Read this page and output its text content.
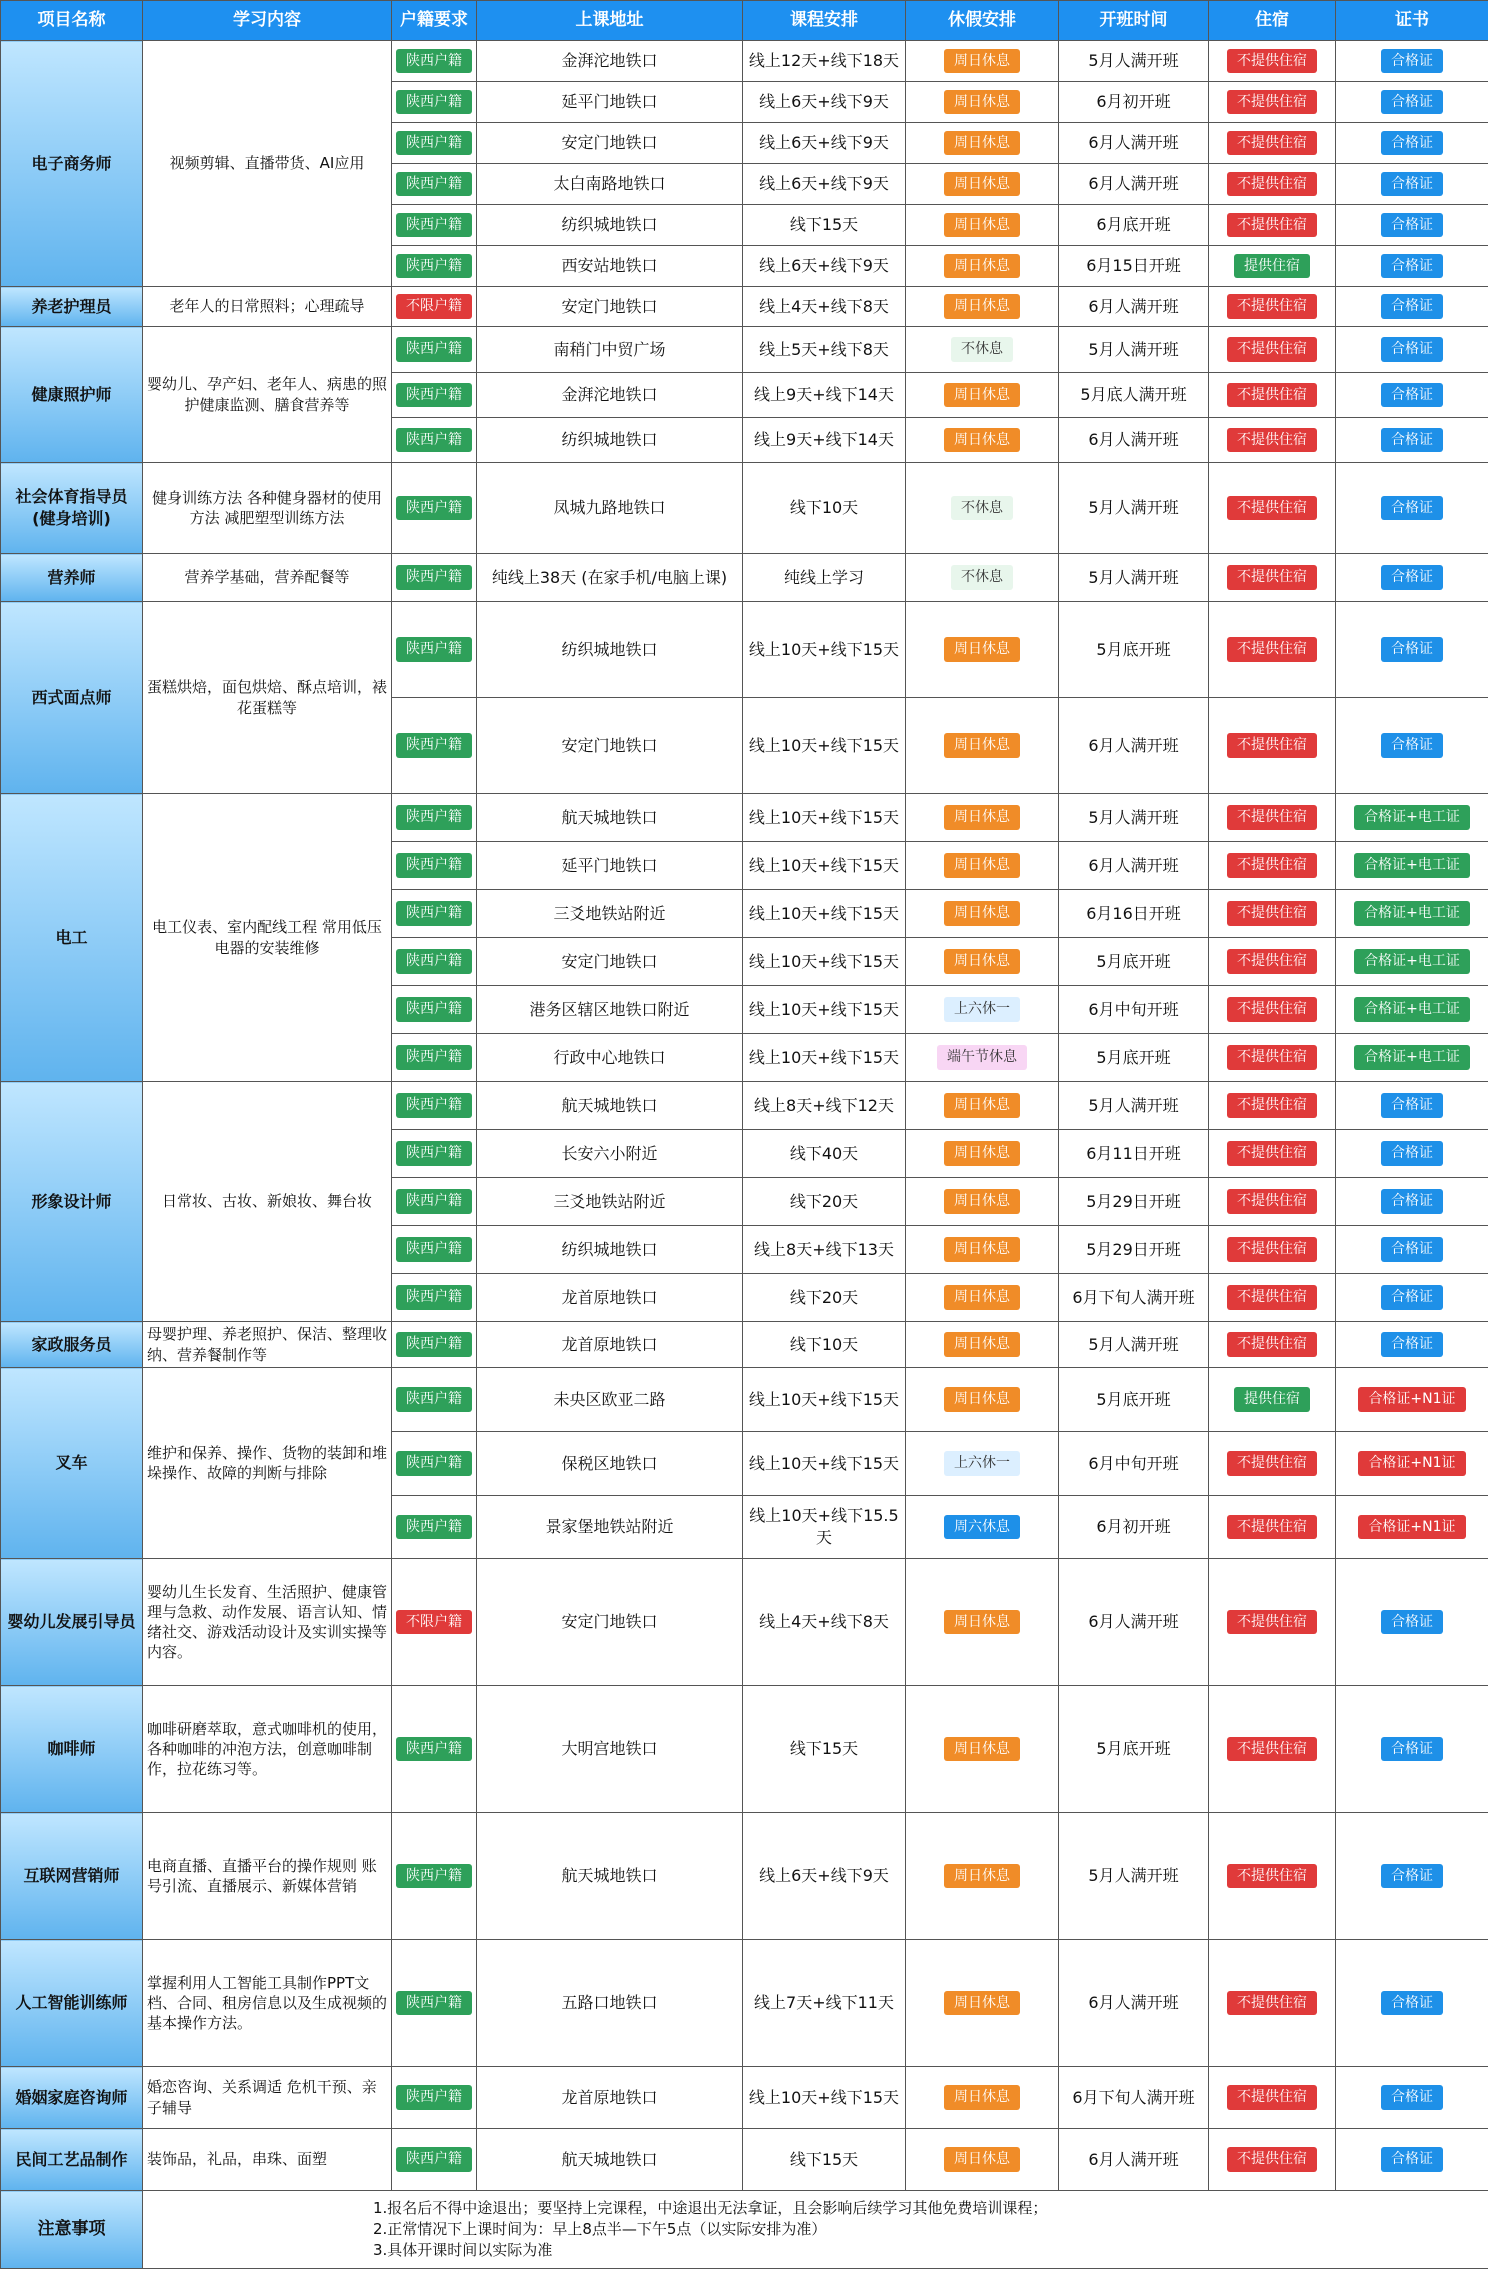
项目名称	学习内容	户籍要求	上课地址	课程安排	休假安排	开班时间	住宿	证书
电子商务师	视频剪辑、直播带货、AI应用	陕西户籍	金湃沱地铁口	线上12天+线下18天	周日休息	5月人满开班	不提供住宿	合格证
		陕西户籍	延平门地铁口	线上6天+线下9天	周日休息	6月初开班	不提供住宿	合格证
		陕西户籍	安定门地铁口	线上6天+线下9天	周日休息	6月人满开班	不提供住宿	合格证
		陕西户籍	太白南路地铁口	线上6天+线下9天	周日休息	6月人满开班	不提供住宿	合格证
		陕西户籍	纺织城地铁口	线下15天	周日休息	6月底开班	不提供住宿	合格证
		陕西户籍	西安站地铁口	线上6天+线下9天	周日休息	6月15日开班	提供住宿	合格证
养老护理员	老年人的日常照料；心理疏导	不限户籍	安定门地铁口	线上4天+线下8天	周日休息	6月人满开班	不提供住宿	合格证
健康照护师	婴幼儿、孕产妇、老年人、病患的照护健康监测、膳食营养等	陕西户籍	南稍门中贸广场	线上5天+线下8天	不休息	5月人满开班	不提供住宿	合格证
		陕西户籍	金湃沱地铁口	线上9天+线下14天	周日休息	5月底人满开班	不提供住宿	合格证
		陕西户籍	纺织城地铁口	线上9天+线下14天	周日休息	6月人满开班	不提供住宿	合格证
社会体育指导员(健身培训)	健身训练方法 各种健身器材的使用方法 减肥塑型训练方法	陕西户籍	凤城九路地铁口	线下10天	不休息	5月人满开班	不提供住宿	合格证
营养师	营养学基础，营养配餐等	陕西户籍	纯线上38天 (在家手机/电脑上课)	纯线上学习	不休息	5月人满开班	不提供住宿	合格证
西式面点师	蛋糕烘焙，面包烘焙、酥点培训，裱花蛋糕等	陕西户籍	纺织城地铁口	线上10天+线下15天	周日休息	5月底开班	不提供住宿	合格证
		陕西户籍	安定门地铁口	线上10天+线下15天	周日休息	6月人满开班	不提供住宿	合格证
电工	电工仪表、室内配线工程 常用低压电器的安装维修	陕西户籍	航天城地铁口	线上10天+线下15天	周日休息	5月人满开班	不提供住宿	合格证+电工证
		陕西户籍	延平门地铁口	线上10天+线下15天	周日休息	6月人满开班	不提供住宿	合格证+电工证
		陕西户籍	三爻地铁站附近	线上10天+线下15天	周日休息	6月16日开班	不提供住宿	合格证+电工证
		陕西户籍	安定门地铁口	线上10天+线下15天	周日休息	5月底开班	不提供住宿	合格证+电工证
		陕西户籍	港务区辖区地铁口附近	线上10天+线下15天	上六休一	6月中旬开班	不提供住宿	合格证+电工证
		陕西户籍	行政中心地铁口	线上10天+线下15天	端午节休息	5月底开班	不提供住宿	合格证+电工证
形象设计师	日常妆、古妆、新娘妆、舞台妆	陕西户籍	航天城地铁口	线上8天+线下12天	周日休息	5月人满开班	不提供住宿	合格证
		陕西户籍	长安六小附近	线下40天	周日休息	6月11日开班	不提供住宿	合格证
		陕西户籍	三爻地铁站附近	线下20天	周日休息	5月29日开班	不提供住宿	合格证
		陕西户籍	纺织城地铁口	线上8天+线下13天	周日休息	5月29日开班	不提供住宿	合格证
		陕西户籍	龙首原地铁口	线下20天	周日休息	6月下旬人满开班	不提供住宿	合格证
家政服务员	母婴护理、养老照护、保洁、整理收纳、营养餐制作等	陕西户籍	龙首原地铁口	线下10天	周日休息	5月人满开班	不提供住宿	合格证
叉车	维护和保养、操作、货物的装卸和堆垛操作、故障的判断与排除	陕西户籍	未央区欧亚二路	线上10天+线下15天	周日休息	5月底开班	提供住宿	合格证+N1证
		陕西户籍	保税区地铁口	线上10天+线下15天	上六休一	6月中旬开班	不提供住宿	合格证+N1证
		陕西户籍	景家堡地铁站附近	线上10天+线下15.5天	周六休息	6月初开班	不提供住宿	合格证+N1证
婴幼儿发展引导员	婴幼儿生长发育、生活照护、健康管理与急救、动作发展、语言认知、情绪社交、游戏活动设计及实训实操等内容。	不限户籍	安定门地铁口	线上4天+线下8天	周日休息	6月人满开班	不提供住宿	合格证
咖啡师	咖啡研磨萃取，意式咖啡机的使用，各种咖啡的冲泡方法，创意咖啡制作，拉花练习等。	陕西户籍	大明宫地铁口	线下15天	周日休息	5月底开班	不提供住宿	合格证
互联网营销师	电商直播、直播平台的操作规则 账号引流、直播展示、新媒体营销	陕西户籍	航天城地铁口	线上6天+线下9天	周日休息	5月人满开班	不提供住宿	合格证
人工智能训练师	掌握利用人工智能工具制作PPT文档、合同、租房信息以及生成视频的基本操作方法。	陕西户籍	五路口地铁口	线上7天+线下11天	周日休息	6月人满开班	不提供住宿	合格证
婚姻家庭咨询师	婚恋咨询、关系调适 危机干预、亲子辅导	陕西户籍	龙首原地铁口	线上10天+线下15天	周日休息	6月下旬人满开班	不提供住宿	合格证
民间工艺品制作	装饰品，礼品，串珠、面塑	陕西户籍	航天城地铁口	线下15天	周日休息	6月人满开班	不提供住宿	合格证
注意事项	1.报名后不得中途退出；要坚持上完课程，中途退出无法拿证，且会影响后续学习其他免费培训课程；
2.正常情况下上课时间为：早上8点半—下午5点（以实际安排为准）
3.具体开课时间以实际为准							
